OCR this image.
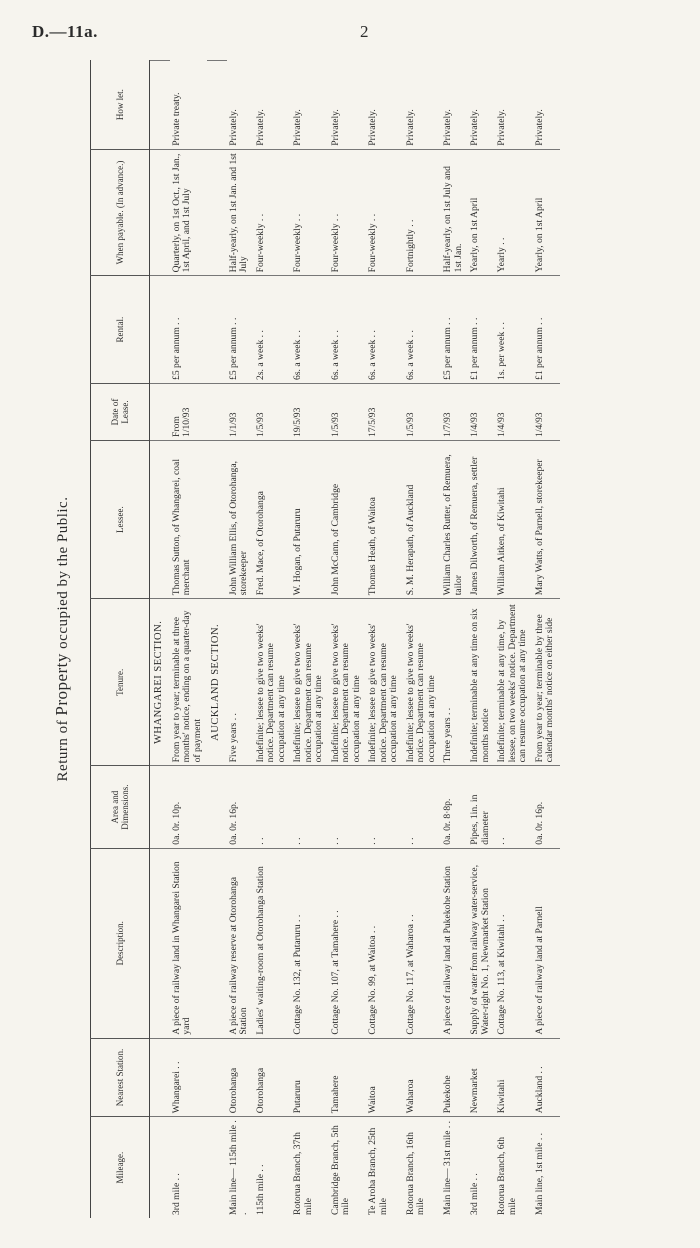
D.—11a.	2
Return of Property occupied by the Public.
Mileage.	Nearest Station.	Description.	Area and Dimensions.	Tenure.	Lessee.	Date of Lease.	Rental.	When payable. (In advance.)	How let.
				WHANGAREI SECTION.					
3rd mile . .	Whangarei . .	A piece of railway land in Whangarei Station yard	0a. 0r. 10p.	From year to year; terminable at three months' notice, ending on a quarter-day of payment	Thomas Sutton, of Whangarei, coal merchant	From 1/10/93	£5 per annum . .	Quarterly, on 1st Oct., 1st Jan., 1st April, and 1st July	Private treaty.
				AUCKLAND SECTION.					
Main line— 115th mile . .	Otorohanga	A piece of railway reserve at Otorohanga Station	0a. 0r. 16p.	Five years . .	John William Ellis, of Otorohanga, storekeeper	1/1/93	£5 per annum . .	Half-yearly, on 1st Jan. and 1st July	Privately.
115th mile . .	Otorohanga	Ladies' waiting-room at Otorohanga Station	. .	Indefinite; lessee to give two weeks' notice. Department can resume occupation at any time	Fred. Mace, of Otorohanga	1/5/93	2s. a week . .	Four-weekly . .	Privately.
Rotorua Branch, 37th mile	Putaruru	Cottage No. 132, at Putaruru . .	. .	Indefinite; lessee to give two weeks' notice. Department can resume occupation at any time	W. Hogan, of Putaruru	19/5/93	6s. a week . .	Four-weekly . .	Privately.
Cambridge Branch, 5th mile	Tamahere	Cottage No. 107, at Tamahere . .	. .	Indefinite; lessee to give two weeks' notice. Department can resume occupation at any time	John McCann, of Cambridge	1/5/93	6s. a week . .	Four-weekly . .	Privately.
Te Aroha Branch, 25th mile	Waitoa	Cottage No. 99, at Waitoa . .	. .	Indefinite; lessee to give two weeks' notice. Department can resume occupation at any time	Thomas Heath, of Waitoa	17/5/93	6s. a week . .	Four-weekly . .	Privately.
Rotorua Branch, 16th mile	Waharoa	Cottage No. 117, at Waharoa . .	. .	Indefinite; lessee to give two weeks' notice. Department can resume occupation at any time	S. M. Herapath, of Auckland	1/5/93	6s. a week . .	Fortnightly . .	Privately.
Main line— 31st mile . .	Pukekohe	A piece of railway land at Pukekohe Station	0a. 0r. 8·8p.	Three years . .	William Charles Rutter, of Remuera, tailor	1/7/93	£5 per annum . .	Half-yearly, on 1st July and 1st Jan.	Privately.
3rd mile . .	Newmarket	Supply of water from railway water-service, Water-right No. 1, Newmarket Station	Pipes, 1in. in diameter	Indefinite; terminable at any time on six months notice	James Dilworth, of Remuera, settler	1/4/93	£1 per annum . .	Yearly, on 1st April	Privately.
Rotorua Branch, 6th mile	Kiwitahi	Cottage No. 113, at Kiwitahi . .	. .	Indefinite; terminable at any time, by lessee, on two weeks' notice. Department can resume occupation at any time	William Aitken, of Kiwitahi	1/4/93	1s. per week . .	Yearly . .	Privately.
Main line, 1st mile . .	Auckland . .	A piece of railway land at Parnell	0a. 0r. 16p.	From year to year; terminable by three calendar months' notice on either side	Mary Watts, of Parnell, storekeeper	1/4/93	£1 per annum . .	Yearly, on 1st April	Privately.
